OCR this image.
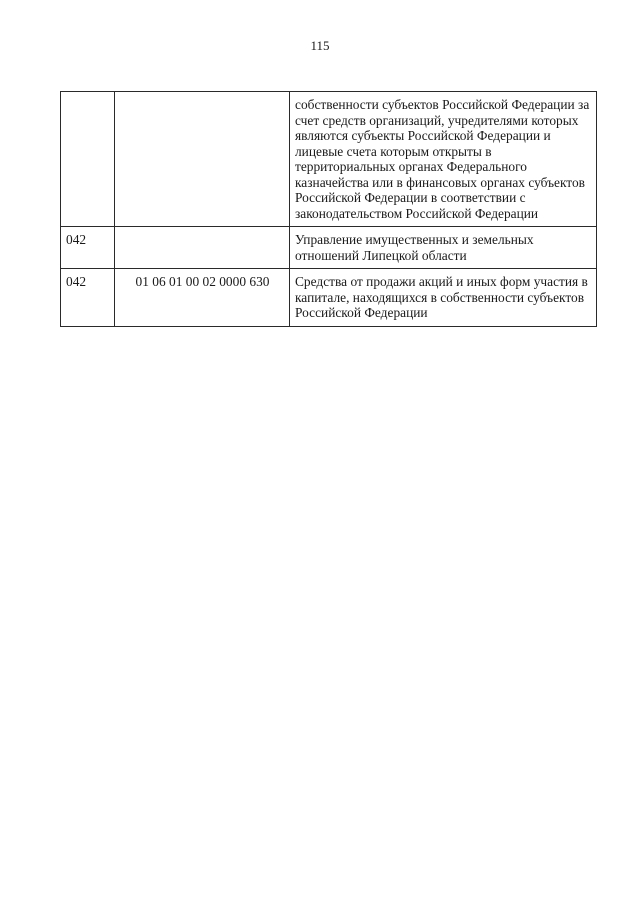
115
		собственности субъектов Российской Федерации за счет средств организаций, учредителями которых являются субъекты Российской Федерации и лицевые счета которым открыты в территориальных органах Федерального казначейства или в финансовых органах субъектов Российской Федерации в соответствии с законодательством Российской Федерации
042		Управление имущественных и земельных отношений Липецкой области
042	01 06 01 00 02 0000 630	Средства от продажи акций и иных форм участия в капитале, находящихся в собственности субъектов Российской Федерации
